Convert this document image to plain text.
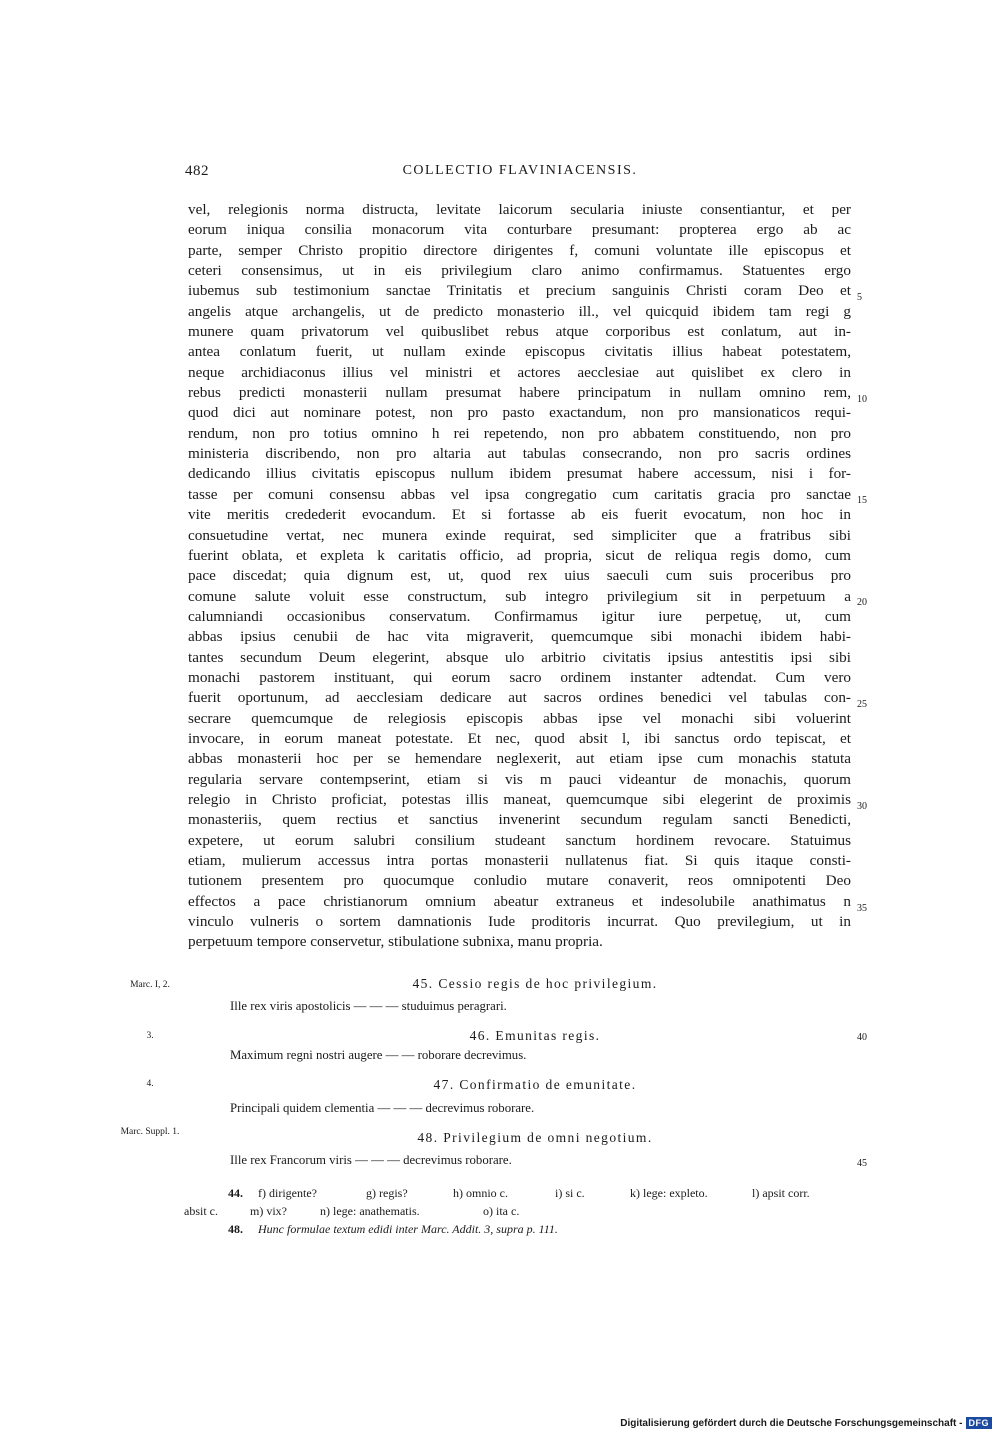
482	COLLECTIO FLAVINIACENSIS.
vel, relegionis norma distructa, levitate laicorum secularia iniuste consentiantur, et per
eorum iniqua consilia monacorum vita conturbare presumant: propterea ergo ab ac
parte, semper Christo propitio directore dirigentes f, comuni voluntate ille episcopus et
ceteri consensimus, ut in eis privilegium claro animo confirmamus. Statuentes ergo
iubemus sub testimonium sanctae Trinitatis et precium sanguinis Christi coram Deo et
angelis atque archangelis, ut de predicto monasterio ill., vel quicquid ibidem tam regi g
munere quam privatorum vel quibuslibet rebus atque corporibus est conlatum, aut in-
antea conlatum fuerit, ut nullam exinde episcopus civitatis illius habeat potestatem,
neque archidiaconus illius vel ministri et actores aecclesiae aut quislibet ex clero in
rebus predicti monasterii nullam presumat habere principatum in nullam omnino rem,
quod dici aut nominare potest, non pro pasto exactandum, non pro mansionaticos requi-
rendum, non pro totius omnino h rei repetendo, non pro abbatem constituendo, non pro
ministeria discribendo, non pro altaria aut tabulas consecrando, non pro sacris ordines
dedicando illius civitatis episcopus nullum ibidem presumat habere accessum, nisi i for-
tasse per comuni consensu abbas vel ipsa congregatio cum caritatis gracia pro sanctae
vite meritis credederit evocandum. Et si fortasse ab eis fuerit evocatum, non hoc in
consuetudine vertat, nec munera exinde requirat, sed simpliciter que a fratribus sibi
fuerint oblata, et expleta k caritatis officio, ad propria, sicut de reliqua regis domo, cum
pace discedat; quia dignum est, ut, quod rex uius saeculi cum suis proceribus pro
comune salute voluit esse constructum, sub integro privilegium sit in perpetuum a
calumniandi occasionibus conservatum. Confirmamus igitur iure perpetuę, ut, cum
abbas ipsius cenubii de hac vita migraverit, quemcumque sibi monachi ibidem habi-
tantes secundum Deum elegerint, absque ulo arbitrio civitatis ipsius antestitis ipsi sibi
monachi pastorem instituant, qui eorum sacro ordinem instanter adtendat. Cum vero
fuerit oportunum, ad aecclesiam dedicare aut sacros ordines benedici vel tabulas con-
secrare quemcumque de relegiosis episcopis abbas ipse vel monachi sibi voluerint
invocare, in eorum maneat potestate. Et nec, quod absit l, ibi sanctus ordo tepiscat, et
abbas monasterii hoc per se hemendare neglexerit, aut etiam ipse cum monachis statuta
regularia servare contempserint, etiam si vis m pauci videantur de monachis, quorum
relegio in Christo proficiat, potestas illis maneat, quemcumque sibi elegerint de proximis
monasteriis, quem rectius et sanctius invenerint secundum regulam sancti Benedicti,
expetere, ut eorum salubri consilium studeant sanctum hordinem revocare. Statuimus
etiam, mulierum accessus intra portas monasterii nullatenus fiat. Si quis itaque consti-
tutionem presentem pro quocumque conludio mutare conaverit, reos omnipotenti Deo
effectos a pace christianorum omnium abeatur extraneus et indesolubile anathimatus n
vinculo vulneris o sortem damnationis Iude proditoris incurrat. Quo previlegium, ut in
perpetuum tempore conservetur, stibulatione subnixa, manu propria.
5
10
15
20
25
30
35
Marc. I, 2.	45. Cessio regis de hoc privilegium.
Ille rex viris apostolicis — — — studuimus peragrari.
3.	46. Emunitas regis.	40
Maximum regni nostri augere — — roborare decrevimus.
4.	47. Confirmatio de emunitate.
Principali quidem clementia — — — decrevimus roborare.
Marc. Suppl. 1.	48. Privilegium de omni negotium.
Ille rex Francorum viris — — — decrevimus roborare.	45
44. f) dirigente?	g) regis?	h) omnio c.	i) si c.	k) lege: expleto.	l) apsit corr.
absit c.	m) vix?	n) lege: anathematis.	o) ita c.
48. Hunc formulae textum edidi inter Marc. Addit. 3, supra p. 111.
Digitalisierung gefördert durch die Deutsche Forschungsgemeinschaft - DFG
